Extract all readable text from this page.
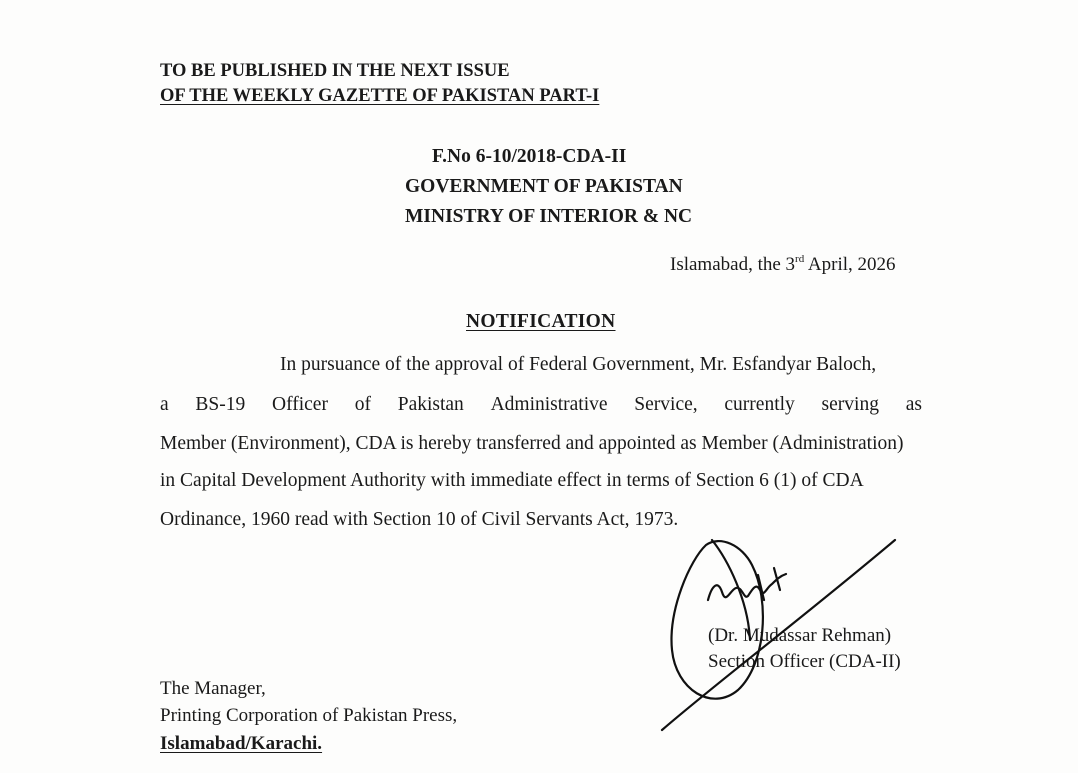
TO BE PUBLISHED IN THE NEXT ISSUE
OF THE WEEKLY GAZETTE OF PAKISTAN PART-I
F.No 6-10/2018-CDA-II
GOVERNMENT OF PAKISTAN
MINISTRY OF INTERIOR & NC
Islamabad, the 3rd April, 2026
NOTIFICATION
In pursuance of the approval of Federal Government, Mr. Esfandyar Baloch,
a BS-19 Officer of Pakistan Administrative Service, currently serving as
Member (Environment), CDA is hereby transferred and appointed as Member (Administration)
in Capital Development Authority with immediate effect in terms of Section 6 (1) of CDA
Ordinance, 1960 read with Section 10 of Civil Servants Act, 1973.
(Dr. Mudassar Rehman)
Section Officer (CDA-II)
The Manager,
Printing Corporation of Pakistan Press,
Islamabad/Karachi.
